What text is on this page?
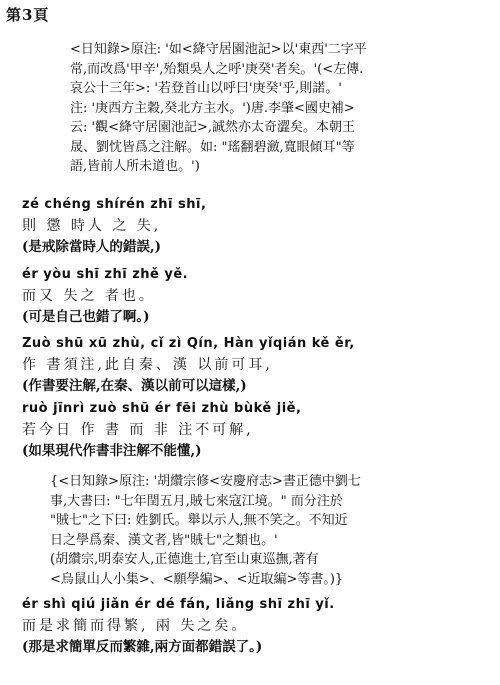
第3頁
<日知錄>原注: '如<絳守居園池記>以'東西'二字平
常,而改爲'甲辛',殆類吳人之呼'庚癸'者矣。'(<左傳.
哀公十三年>: '若登首山以呼曰'庚癸'乎,則諾。'
注: '庚西方主穀,癸北方主水。')唐.李肇<國史補>
云: '觀<絳守居園池記>,誠然亦太奇澀矣。本朝王
晟、劉忱皆爲之注解。如: "瑤翻碧瀲,寬眼傾耳"等
語,皆前人所未道也。')
zé chéng shírén zhī shī,
則 懲 時人 之 失,
(是戒除當時人的錯誤,)
ér yòu shī zhī zhě yě.
而又 失之 者也。
(可是自己也錯了啊。)
Zuò shū xū zhù, cǐ zì Qín, Hàn yǐqián kě ěr,
作 書須注,此自秦、漢 以前可耳,
(作書要注解,在秦、漢以前可以這樣,)
ruò jīnrì zuò shū ér fēi zhù bùkě jiě,
若今日 作 書 而 非 注不可解,
(如果現代作書非注解不能懂,)
{<日知錄>原注: '胡纘宗修<安慶府志>書正德中劉七
事,大書曰: "七年閏五月,賊七來寇江境。" 而分注於
"賊七"之下曰: 姓劉氏。舉以示人,無不笑之。不知近
日之學爲秦、漢文者,皆"賊七"之類也。'
(胡纘宗,明泰安人,正德進士,官至山東巡撫,著有
<烏鼠山人小集>、<願學編>、<近取編>等書。)}
ér shì qiú jiǎn ér dé fán, liǎng shī zhī yǐ.
而是求簡而得繁, 兩 失之矣。
(那是求簡單反而繁雜,兩方面都錯誤了。)
